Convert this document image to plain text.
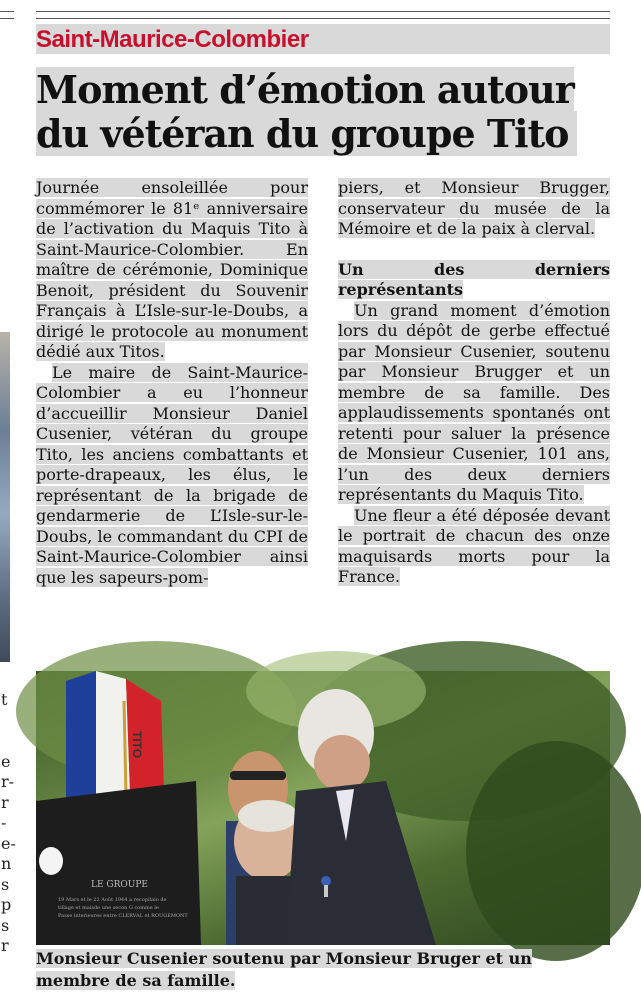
t
e
r-
r
-
e-
n
s
p
s
r
Saint-Maurice-Colombier
Moment d’émotion autour du vétéran du groupe Tito

Journée ensoleillée pour commémorer le 81ᵉ anniversaire de l’activation du Maquis Tito à Saint-Maurice-Colombier. En maître de cérémonie, Dominique Benoit, président du Souvenir Français à L’Isle-sur-le-Doubs, a dirigé le protocole au monument dédié aux Titos.

Le maire de Saint-Maurice-Colombier a eu l’honneur d’accueillir Monsieur Daniel Cusenier, vétéran du groupe Tito, les anciens combattants et porte-drapeaux, les élus, le représentant de la brigade de gendarmerie de L’Isle-sur-le-Doubs, le commandant du CPI de Saint-Maurice-Colombier ainsi que les sapeurs-pom-

piers, et Monsieur Brugger, conservateur du musée de la Mémoire et de la paix à clerval.

Un des derniers représentants

Un grand moment d’émotion lors du dépôt de gerbe effectué par Monsieur Cusenier, soutenu par Monsieur Brugger et un membre de sa famille. Des applaudissements spontanés ont retenti pour saluer la présence de Monsieur Cusenier, 101 ans, l’un des deux derniers représentants du Maquis Tito.

Une fleur a été déposée devant le portrait de chacun des onze maquisards morts pour la France.

TITO
LE GROUPE
19 Mars et le 22 Août 1944 a recopilaio de
tillage et maisde une secon G comme le
Passe interieures entre CLERVAL et ROUGEMONT

Monsieur Cusenier soutenu par Monsieur Bruger et un membre de sa famille.
